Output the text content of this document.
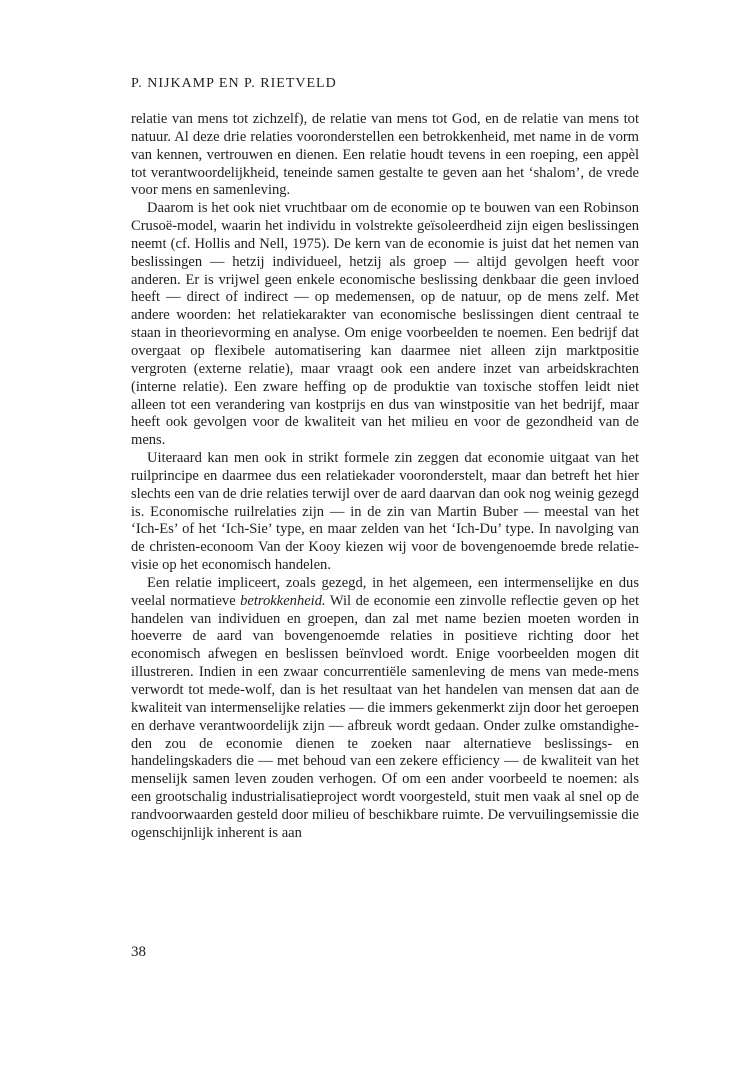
P. NIJKAMP EN P. RIETVELD

relatie van mens tot zichzelf), de relatie van mens tot God, en de relatie van mens tot natuur. Al deze drie relaties vooronderstellen een betrokkenheid, met name in de vorm van kennen, vertrouwen en dienen. Een relatie houdt tevens in een roeping, een appèl tot verantwoordelijkheid, teneinde samen gestalte te geven aan het ‘shalom’, de vrede voor mens en samenleving.

Daarom is het ook niet vruchtbaar om de economie op te bouwen van een Robinson Crusoë-model, waarin het individu in volstrekte geïsoleerdheid zijn eigen beslissingen neemt (cf. Hollis and Nell, 1975). De kern van de economie is juist dat het nemen van beslissingen — hetzij individueel, hetzij als groep — altijd gevolgen heeft voor anderen. Er is vrijwel geen enkele economische beslissing denkbaar die geen invloed heeft — direct of indirect — op medemensen, op de natuur, op de mens zelf. Met andere woorden: het relatiekarakter van economische beslissingen dient centraal te staan in theorievorming en analyse. Om enige voorbeelden te noemen. Een bedrijf dat overgaat op flexibele automatisering kan daarmee niet alleen zijn marktpositie vergroten (externe relatie), maar vraagt ook een andere inzet van arbeidskrachten (interne relatie). Een zware heffing op de produktie van toxische stoffen leidt niet alleen tot een verandering van kostprijs en dus van winstpositie van het bedrijf, maar heeft ook gevolgen voor de kwaliteit van het milieu en voor de gezondheid van de mens.

Uiteraard kan men ook in strikt formele zin zeggen dat economie uitgaat van het ruilprincipe en daarmee dus een relatiekader vooronderstelt, maar dan betreft het hier slechts een van de drie relaties terwijl over de aard daarvan dan ook nog weinig gezegd is. Economische ruilrelaties zijn — in de zin van Martin Buber — meestal van het ‘Ich-Es’ of het ‘Ich-Sie’ type, en maar zelden van het ‘Ich-Du’ type. In navolging van de christen-econoom Van der Kooy kiezen wij voor de bovengenoemde brede relatie-visie op het economisch handelen.

Een relatie impliceert, zoals gezegd, in het algemeen, een intermenselijke en dus veelal normatieve betrokkenheid. Wil de economie een zinvolle reflectie geven op het handelen van individuen en groepen, dan zal met name bezien moeten worden in hoeverre de aard van bovengenoemde relaties in positieve richting door het economisch afwegen en beslissen beïnvloed wordt. Enige voorbeelden mogen dit illustreren. Indien in een zwaar concurrentiële samenleving de mens van mede-mens verwordt tot mede-wolf, dan is het resultaat van het handelen van mensen dat aan de kwaliteit van intermenselijke relaties — die immers gekenmerkt zijn door het geroepen en derhave verantwoordelijk zijn — afbreuk wordt gedaan. Onder zulke omstandigheden zou de economie dienen te zoeken naar alternatieve beslissings- en handelingskaders die — met behoud van een zekere efficiency — de kwaliteit van het menselijk samen leven zouden verhogen. Of om een ander voorbeeld te noemen: als een grootschalig industrialisatieproject wordt voorgesteld, stuit men vaak al snel op de randvoorwaarden gesteld door milieu of beschikbare ruimte. De vervuilingsemissie die ogenschijnlijk inherent is aan

38
